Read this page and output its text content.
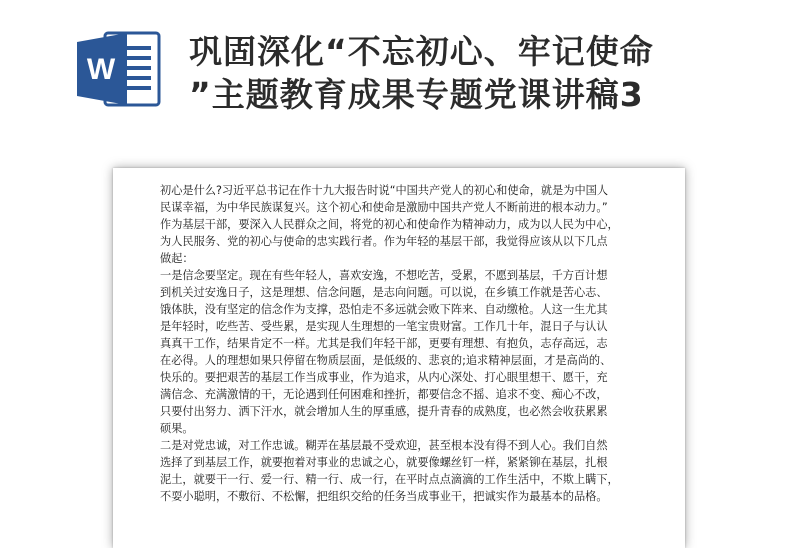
W 巩固深化“不忘初心、牢记使命
”主题教育成果专题党课讲稿3
初心是什么?习近平总书记在作十九大报告时说“中国共产党人的初心和使命，就是为中国人
民谋幸福，为中华民族谋复兴。这个初心和使命是激励中国共产党人不断前进的根本动力。”
作为基层干部，要深入人民群众之间，将党的初心和使命作为精神动力，成为以人民为中心，
为人民服务、党的初心与使命的忠实践行者。作为年轻的基层干部，我觉得应该从以下几点
做起：
一是信念要坚定。现在有些年轻人，喜欢安逸，不想吃苦，受累，不愿到基层，千方百计想
到机关过安逸日子，这是理想、信念问题，是志向问题。可以说，在乡镇工作就是苦心志、
饿体肤，没有坚定的信念作为支撑，恐怕走不多远就会败下阵来、自动缴枪。人这一生尤其
是年轻时，吃些苦、受些累，是实现人生理想的一笔宝贵财富。工作几十年，混日子与认认
真真干工作，结果肯定不一样。尤其是我们年轻干部，更要有理想、有抱负，志存高远，志
在必得。人的理想如果只停留在物质层面，是低级的、悲哀的;追求精神层面，才是高尚的、
快乐的。要把艰苦的基层工作当成事业，作为追求，从内心深处、打心眼里想干、愿干，充
满信念、充满激情的干，无论遇到任何困难和挫折，都要信念不摇、追求不变、痴心不改，
只要付出努力、洒下汗水，就会增加人生的厚重感，提升青春的成熟度，也必然会收获累累
硕果。
二是对党忠诚，对工作忠诚。糊弄在基层最不受欢迎，甚至根本没有得不到人心。我们自然
选择了到基层工作，就要抱着对事业的忠诚之心，就要像螺丝钉一样，紧紧铆在基层，扎根
泥土，就要干一行、爱一行、精一行、成一行，在平时点点滴滴的工作生活中，不欺上瞒下，
不耍小聪明，不敷衍、不松懈，把组织交给的任务当成事业干，把诚实作为最基本的品格。
